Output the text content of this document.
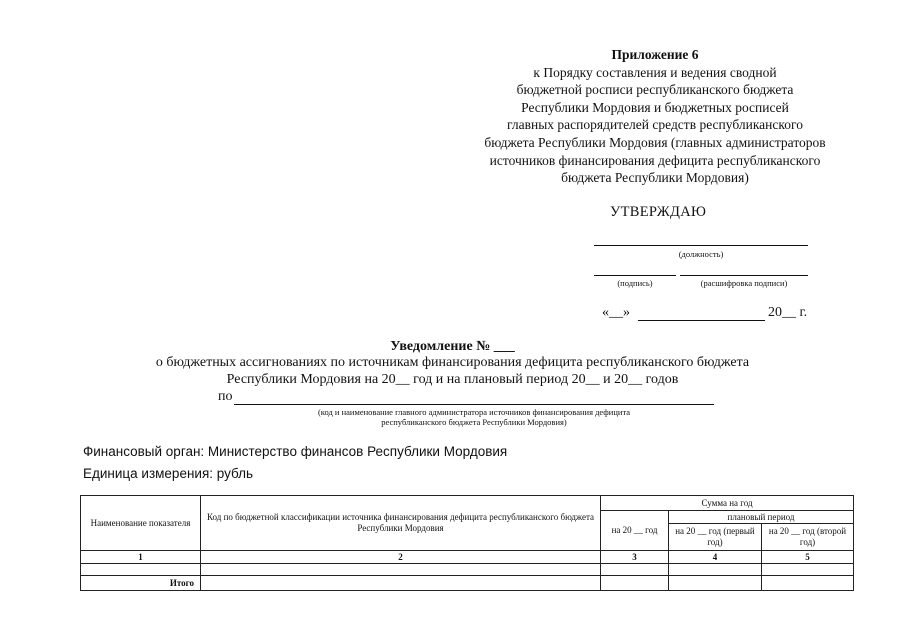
Приложение 6
к Порядку составления и ведения сводной
бюджетной росписи республиканского бюджета
Республики Мордовия и бюджетных росписей
главных распорядителей средств республиканского
бюджета Республики Мордовия (главных администраторов
источников финансирования дефицита республиканского
бюджета Республики Мордовия)
УТВЕРЖДАЮ
(должность)
(подпись)	(расшифровка подписи)
«__»	20__ г.
Уведомление № ___
о бюджетных ассигнованиях по источникам финансирования дефицита республиканского бюджета
Республики Мордовия на 20__ год и на плановый период 20__ и 20__ годов
по
(код и наименование главного администратора источников финансирования дефицита
республиканского бюджета Республики Мордовия)
Финансовый орган: Министерство финансов Республики Мордовия
Единица измерения: рубль
Наименование показателя	Код по бюджетной классификации источника финансирования дефицита республиканского бюджета Республики Мордовия	Сумма на год		
		на 20 __ год	плановый период	
			на 20 __ год (первый год)	на 20 __ год (второй год)
1	2	3	4	5

Итого				
